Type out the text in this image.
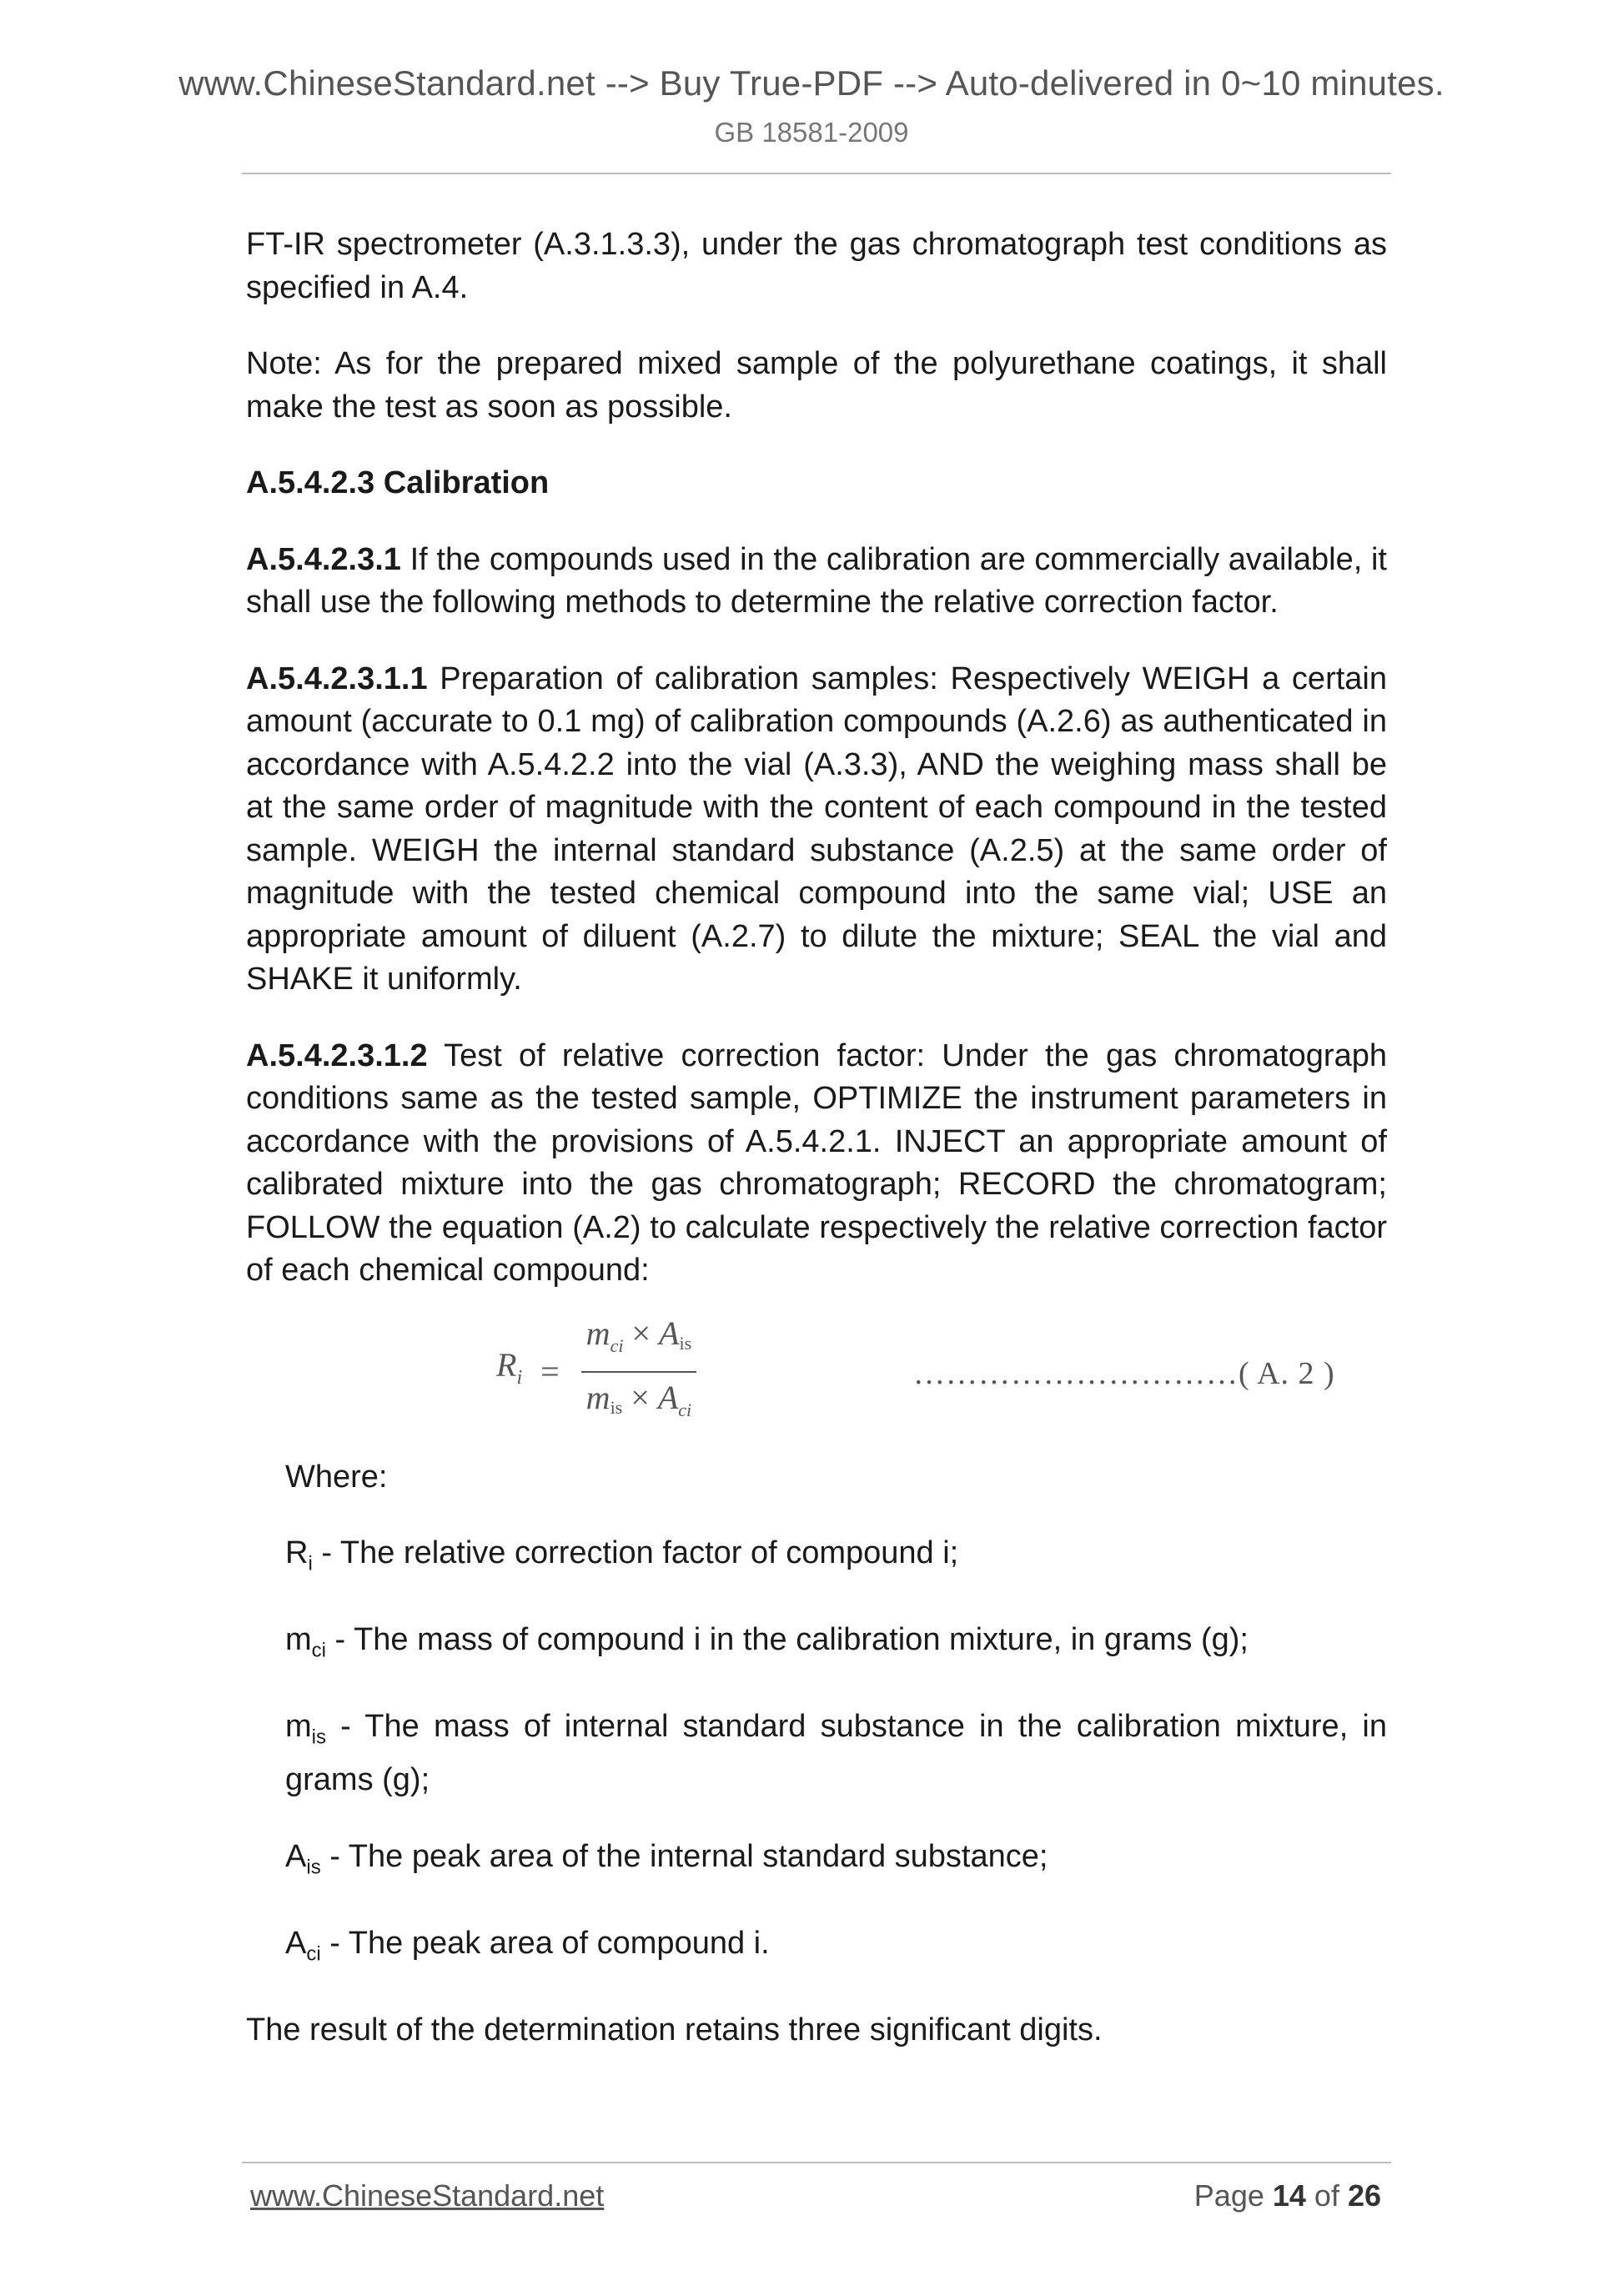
www.ChineseStandard.net --> Buy True-PDF --> Auto-delivered in 0~10 minutes.
GB 18581-2009

FT-IR spectrometer (A.3.1.3.3), under the gas chromatograph test conditions as specified in A.4.

Note: As for the prepared mixed sample of the polyurethane coatings, it shall make the test as soon as possible.

A.5.4.2.3 Calibration

A.5.4.2.3.1 If the compounds used in the calibration are commercially available, it shall use the following methods to determine the relative correction factor.

A.5.4.2.3.1.1 Preparation of calibration samples: Respectively WEIGH a certain amount (accurate to 0.1 mg) of calibration compounds (A.2.6) as authenticated in accordance with A.5.4.2.2 into the vial (A.3.3), AND the weighing mass shall be at the same order of magnitude with the content of each compound in the tested sample. WEIGH the internal standard substance (A.2.5) at the same order of magnitude with the tested chemical compound into the same vial; USE an appropriate amount of diluent (A.2.7) to dilute the mixture; SEAL the vial and SHAKE it uniformly.

A.5.4.2.3.1.2 Test of relative correction factor: Under the gas chromatograph conditions same as the tested sample, OPTIMIZE the instrument parameters in accordance with the provisions of A.5.4.2.1. INJECT an appropriate amount of calibrated mixture into the gas chromatograph; RECORD the chromatogram; FOLLOW the equation (A.2) to calculate respectively the relative correction factor of each chemical compound:

$R_i = \frac{m_{ci} \times Ais}{mis \times A_{ci}}$	…………………………( A. 2 )

Where:

$R_i$ - The relative correction factor of compound i;

$m_{ci}$ - The mass of compound i in the calibration mixture, in grams (g);

$m_{is}$ - The mass of internal standard substance in the calibration mixture, in grams (g);

$A_{is}$ - The peak area of the internal standard substance;

$A_{ci}$ - The peak area of compound i.

The result of the determination retains three significant digits.

www.ChineseStandard.net	Page 14 of 26
